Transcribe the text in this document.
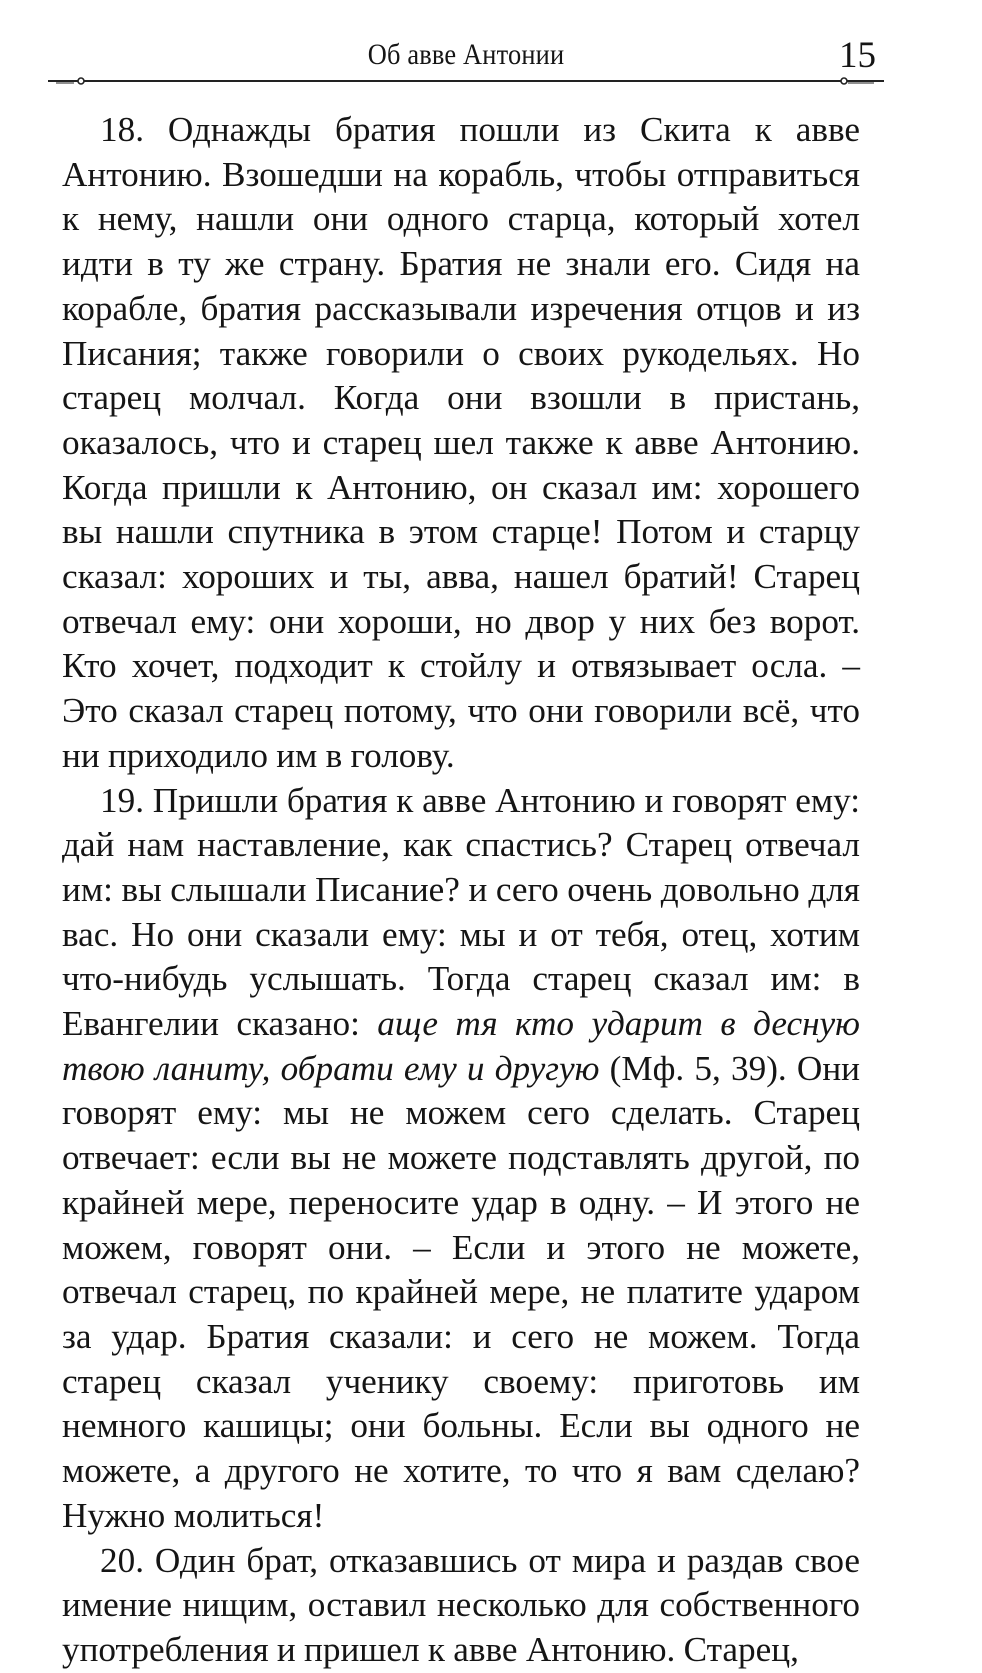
Об авве Антонии	15

18. Однажды братия пошли из Скита к авве Антонию. Взошедши на корабль, чтобы отправиться к нему, нашли они одного старца, который хотел идти в ту же страну. Братия не знали его. Сидя на корабле, братия рассказывали изречения отцов и из Писания; также говорили о своих рукодельях. Но старец молчал. Когда они взошли в пристань, оказалось, что и старец шел также к авве Антонию. Когда пришли к Антонию, он сказал им: хорошего вы нашли спутника в этом старце! Потом и старцу сказал: хороших и ты, авва, нашел братий! Старец отвечал ему: они хороши, но двор у них без ворот. Кто хочет, подходит к стойлу и отвязывает осла. – Это сказал старец потому, что они говорили всё, что ни приходило им в голову.

19. Пришли братия к авве Антонию и говорят ему: дай нам наставление, как спастись? Старец отвечал им: вы слышали Писание? и сего очень довольно для вас. Но они сказали ему: мы и от тебя, отец, хотим что-нибудь услышать. Тогда старец сказал им: в Евангелии сказано: аще тя кто ударит в десную твою ланиту, обрати ему и другую (Мф. 5, 39). Они говорят ему: мы не можем сего сделать. Старец отвечает: если вы не можете подставлять другой, по крайней мере, переносите удар в одну. – И этого не можем, говорят они. – Если и этого не можете, отвечал старец, по крайней мере, не платите ударом за удар. Братия сказали: и сего не можем. Тогда старец сказал ученику своему: приготовь им немного кашицы; они больны. Если вы одного не можете, а другого не хотите, то что я вам сделаю? Нужно молиться!

20. Один брат, отказавшись от мира и раздав свое имение нищим, оставил несколько для собственного употребления и пришел к авве Антонию. Старец,
